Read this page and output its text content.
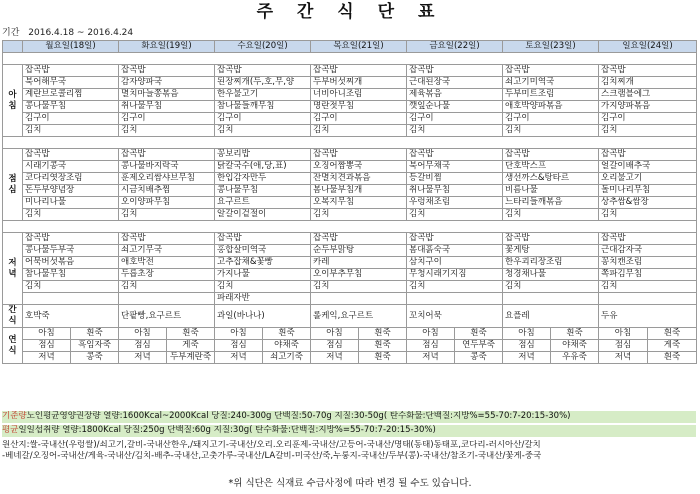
주 간 식 단 표
기간 2016.4.18 ~ 2016.4.24
	월요일(18일)	화요일(19일)	수요일(20일)	목요일(21일)	금요일(22일)	토요일(23일)	일요일(24일)

아침	잡곡밥	잡곡밥	잡곡밥	잡곡밥	잡곡밥	잡곡밥	잡곡밥
	북어해무국	감자양파국	된장찌개(두,호,무,양	두부버섯찌개	근대된장국	쇠고기미역국	김치찌개
	계란브로콜리찜	멸치마늘쫑볶음	한우불고기	너비아니조림	제육볶음	두부미트조림	스크램블에그
	콩나물무침	취나물무침	참나물들깨무침	명란젓무침	깻잎순나물	애호박양파볶음	가지양파볶음
	김구이	김구이	김구이	김구이	김구이	김구이	김구이
	김치	김치	김치	김치	김치	김치	김치

점심	잡곡밥	잡곡밥	꽁보리밥	잡곡밥	잡곡밥	잡곡밥	잡곡밥
	시래기콩국	콩나물바지락국	닭칼국수(애,당,표)	오징어짬뽕국	북어무채국	단호박스프	얼갈이배추국
	코다리엿장조림	훈제오리쌈샤브무침	한입감자만두	잔멸치견과볶음	등갈비찜	생선까스&탕타르	오리불고기
	돈두부양념장	시금치배추찜	콩나물무침	봄나물부침개	취나물무침	비름나물	돌미나리무침
	미나리나물	오이양파무침	요구르트	오복지무침	우렁채조림	느타리들깨볶음	상추쌈&쌈장
	김치	김치	알갈이겉절이	김치	김치	김치	김치

저녁	잡곡밥	잡곡밥	잡곡밥	잡곡밥	잡곡밥	잡곡밥	잡곡밥
	콩나물두부국	쇠고기무국	홍합살미역국	순두부맑탕	봄대흙숙국	꽃게탕	근대감자국
	어묵버섯볶음	애호박전	고추잡채&꽃빵	카레	삼치구이	한우괴리장조림	꽁치캔조림
	참나물무침	두릅초장	가지나물	오이부추무침	무청시래기지짐	청경채나물	쪽파김무침
	김치	김치	김치	김치	김치	김치	김치
			파래자반				
간식	호박죽	단팥빵,요구르트	과일(바나나)	롤케익,요구르트	꼬치어묵	요플레	두유
연식	아침 흰죽	아침 흰죽	아침 흰죽	아침 흰죽	아침 흰죽	아침 흰죽	아침 흰죽

	점심 흑임자죽	점심 게죽	점심 야채죽	점심 흰죽	점심 연두부죽	점심 야채죽	점심 게죽

	저녁 콩죽	저녁 두부계란죽	저녁 쇠고기죽	저녁 흰죽	저녁 콩죽	저녁 우유죽	저녁 흰죽
기준량노인평균영양권장량 열량:1600Kcal~2000Kcal 당질:240-300g 단백질:50-70g 지질:30-50g( 탄수화물:단백질:지방%=55-70:7-20:15-30%)
평균일일섭취량 열량:1800Kcal 당질:250g 단백질:60g 지질:30g( 탄수화물:단백질:지방%=55-70:7-20:15-30%)
원산지:쌀-국내산(우렁쌀)/쇠고기,갈비-국내산한우,/돼지고기-국내산/오리.오리훈제-국내산/고등어-국내산/명태(동태)동태포,코다리-러시아산/갈치
-베네갈/오징어-국내산/게육-국내산/김치-배추-국내산,고춧가루-국내산/LA갈비-미국산/죽,누룽지-국내산/두부(콩)-국내산/참조기-국내산/꽃게-중국
*위 식단은 식재료 수급사정에 따라 변경 될 수도 있습니다.
